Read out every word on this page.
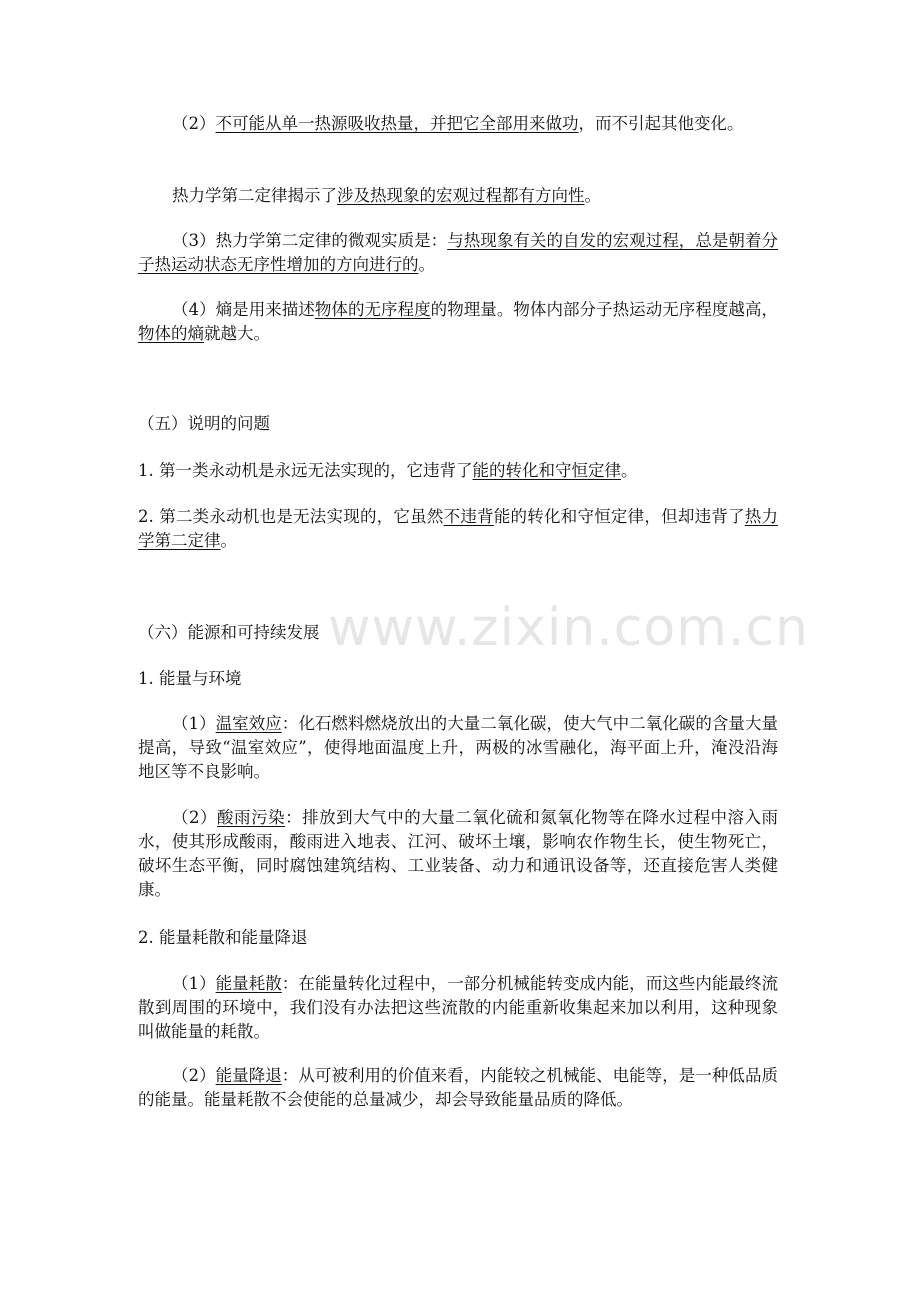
www.zixin.com.cn

（2）不可能从单一热源吸收热量，并把它全部用来做功，而不引起其他变化。

热力学第二定律揭示了涉及热现象的宏观过程都有方向性。

（3）热力学第二定律的微观实质是：与热现象有关的自发的宏观过程，总是朝着分子热运动状态无序性增加的方向进行的。

（4）熵是用来描述物体的无序程度的物理量。物体内部分子热运动无序程度越高，物体的熵就越大。

（五）说明的问题

1. 第一类永动机是永远无法实现的，它违背了能的转化和守恒定律。

2. 第二类永动机也是无法实现的，它虽然不违背能的转化和守恒定律，但却违背了热力学第二定律。

（六）能源和可持续发展

1. 能量与环境

（1）温室效应：化石燃料燃烧放出的大量二氧化碳，使大气中二氧化碳的含量大量提高，导致“温室效应”，使得地面温度上升，两极的冰雪融化，海平面上升，淹没沿海地区等不良影响。

（2）酸雨污染：排放到大气中的大量二氧化硫和氮氧化物等在降水过程中溶入雨水，使其形成酸雨，酸雨进入地表、江河、破坏土壤，影响农作物生长，使生物死亡，破坏生态平衡，同时腐蚀建筑结构、工业装备、动力和通讯设备等，还直接危害人类健康。

2. 能量耗散和能量降退

（1）能量耗散：在能量转化过程中，一部分机械能转变成内能，而这些内能最终流散到周围的环境中，我们没有办法把这些流散的内能重新收集起来加以利用，这种现象叫做能量的耗散。

（2）能量降退：从可被利用的价值来看，内能较之机械能、电能等，是一种低品质的能量。能量耗散不会使能的总量减少，却会导致能量品质的降低。
